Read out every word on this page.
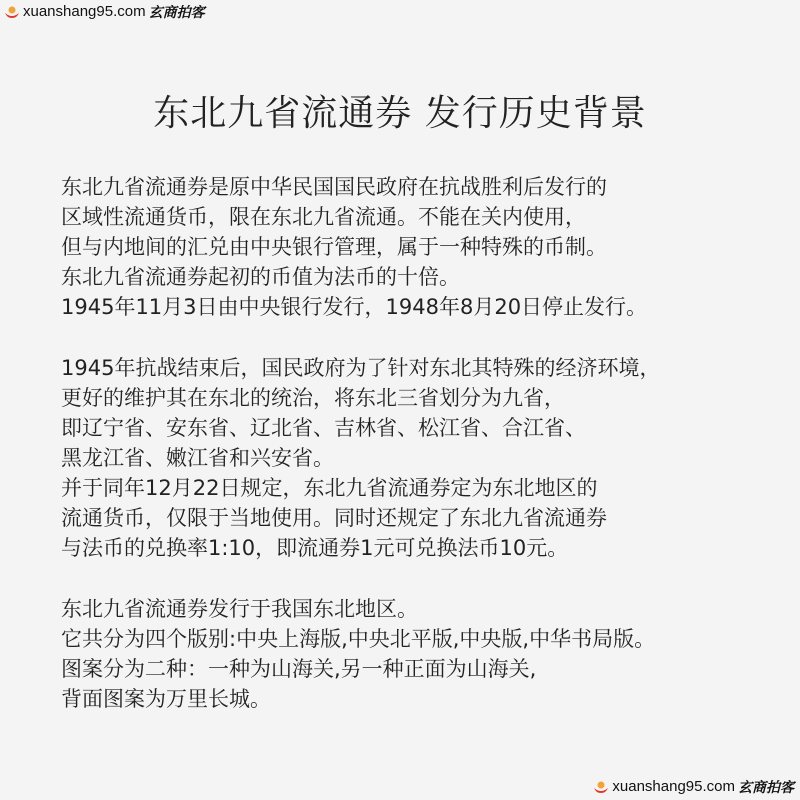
xuanshang95.com 玄商拍客
东北九省流通券 发行历史背景
东北九省流通券是原中华民国国民政府在抗战胜利后发行的
区域性流通货币，限在东北九省流通。不能在关内使用，
但与内地间的汇兑由中央银行管理，属于一种特殊的币制。
东北九省流通券起初的币值为法币的十倍。
1945年11月3日由中央银行发行，1948年8月20日停止发行。
1945年抗战结束后，国民政府为了针对东北其特殊的经济环境，
更好的维护其在东北的统治，将东北三省划分为九省，
即辽宁省、安东省、辽北省、吉林省、松江省、合江省、
黑龙江省、嫩江省和兴安省。
并于同年12月22日规定，东北九省流通券定为东北地区的
流通货币，仅限于当地使用。同时还规定了东北九省流通券
与法币的兑换率1:10，即流通券1元可兑换法币10元。
东北九省流通券发行于我国东北地区。
它共分为四个版别:中央上海版,中央北平版,中央版,中华书局版。
图案分为二种：一种为山海关,另一种正面为山海关,
背面图案为万里长城。
xuanshang95.com 玄商拍客
